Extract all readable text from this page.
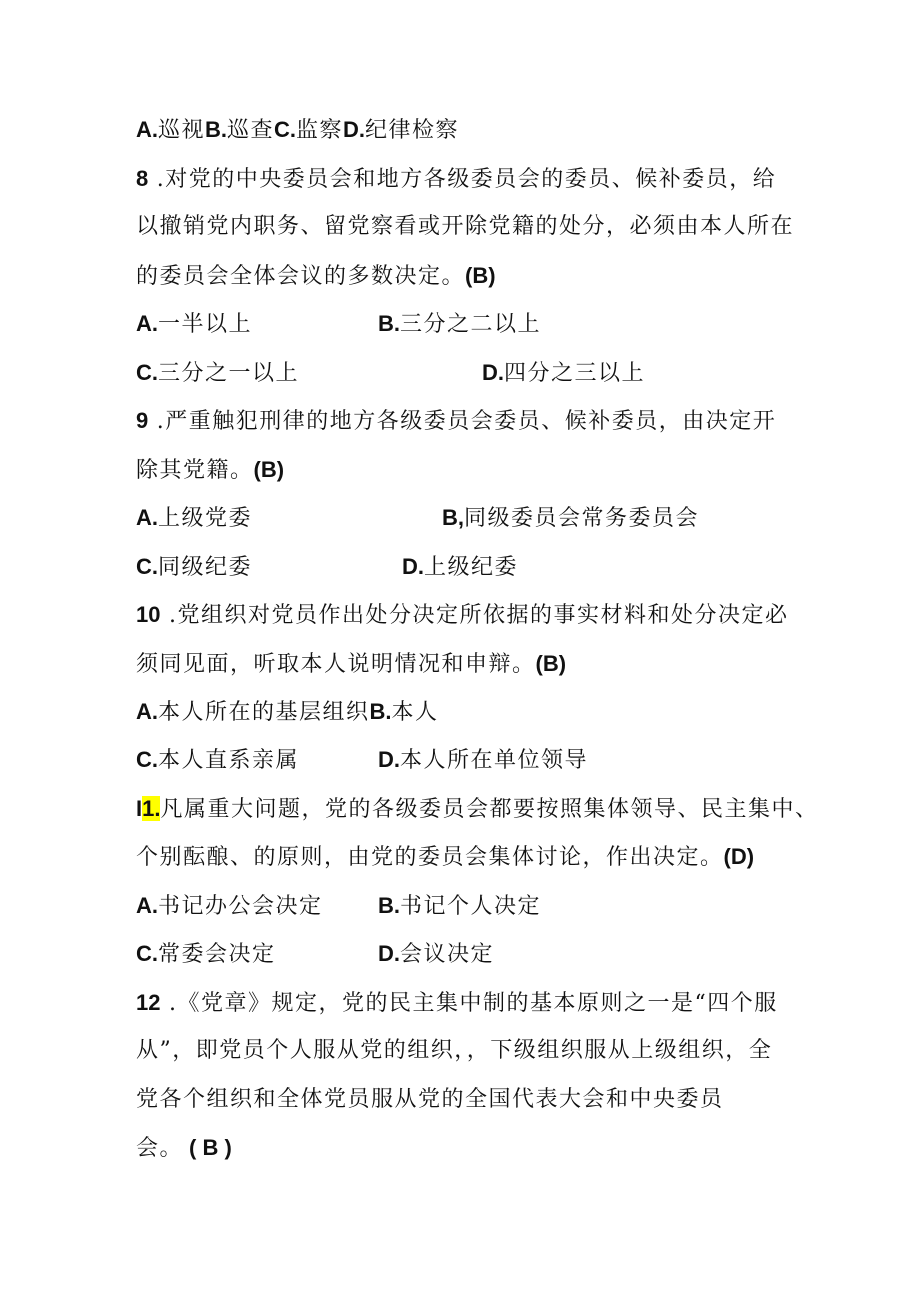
A.巡视B.巡查C.监察D.纪律检察
8 .对党的中央委员会和地方各级委员会的委员、候补委员，给
以撤销党内职务、留党察看或开除党籍的处分，必须由本人所在
的委员会全体会议的多数决定。(B)
A.一半以上	B.三分之二以上
C.三分之一以上	D.四分之三以上
9 .严重触犯刑律的地方各级委员会委员、候补委员，由决定开
除其党籍。(B)
A.上级党委	B,同级委员会常务委员会
C.同级纪委	D.上级纪委
10 .党组织对党员作出处分决定所依据的事实材料和处分决定必
须同见面，听取本人说明情况和申辩。(B)
A.本人所在的基层组织B.本人
C.本人直系亲属	D.本人所在单位领导
I1.凡属重大问题，党的各级委员会都要按照集体领导、民主集中、
个别酝酿、的原则，由党的委员会集体讨论，作出决定。(D)
A.书记办公会决定	B.书记个人决定
C.常委会决定	D.会议决定
12 .《党章》规定，党的民主集中制的基本原则之一是“四个服
从”，即党员个人服从党的组织，，下级组织服从上级组织，全
党各个组织和全体党员服从党的全国代表大会和中央委员
会。 ( B )
